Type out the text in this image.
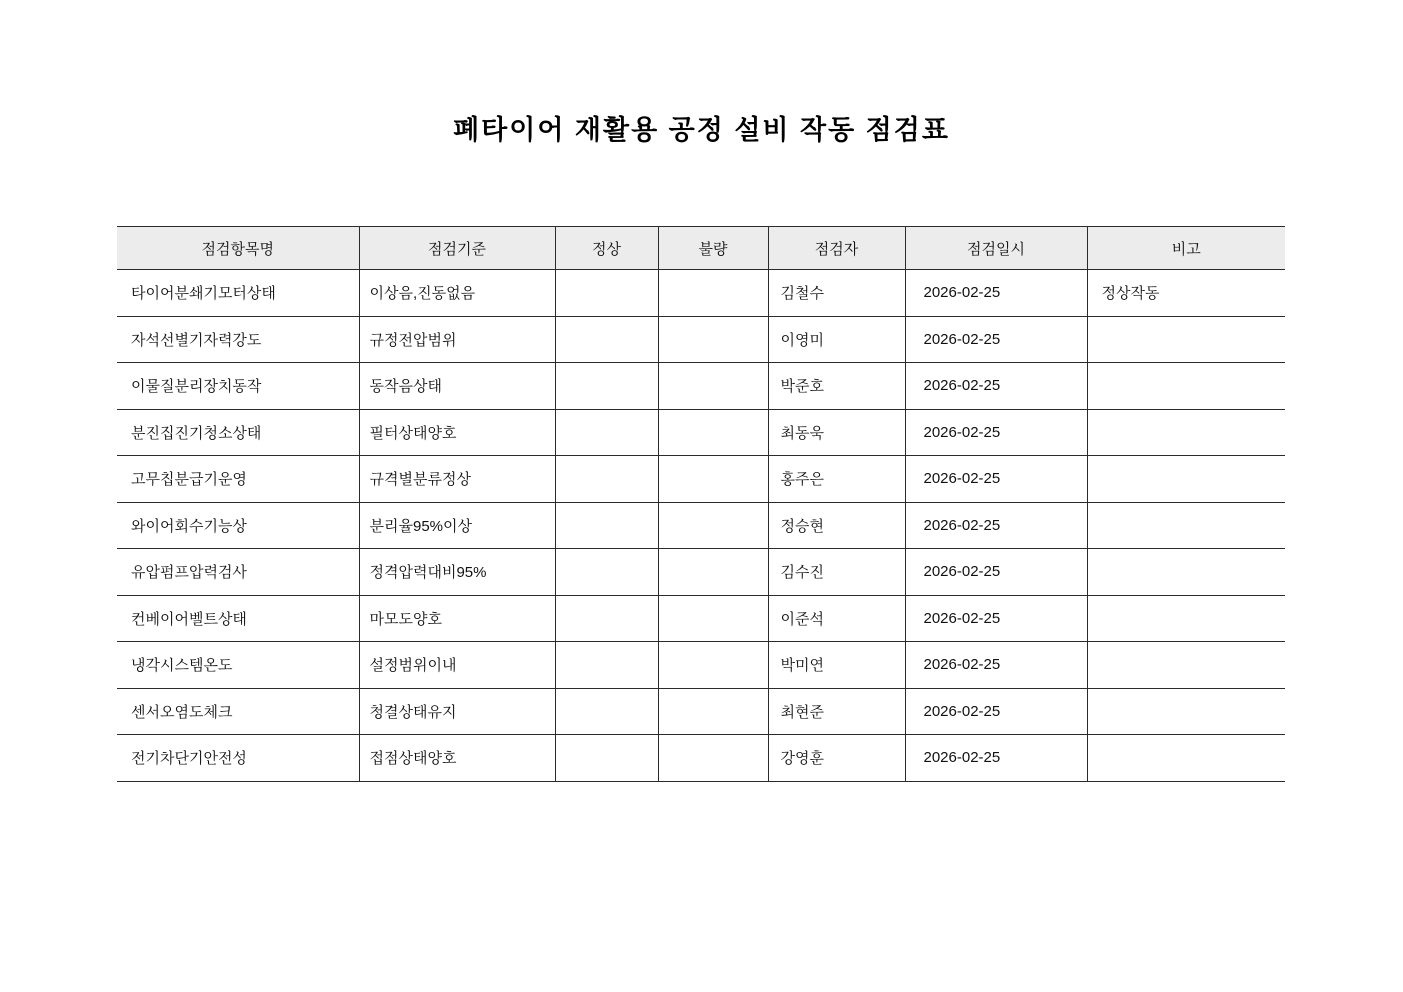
폐타이어 재활용 공정 설비 작동 점검표
점검항목명	점검기준	정상	불량	점검자	점검일시	비고
타이어분쇄기모터상태	이상음,진동없음			김철수	2026-02-25	정상작동
자석선별기자력강도	규정전압범위			이영미	2026-02-25	
이물질분리장치동작	동작음상태			박준호	2026-02-25	
분진집진기청소상태	필터상태양호			최동욱	2026-02-25	
고무칩분급기운영	규격별분류정상			홍주은	2026-02-25	
와이어회수기능상	분리율95%이상			정승현	2026-02-25	
유압펌프압력검사	정격압력대비95%			김수진	2026-02-25	
컨베이어벨트상태	마모도양호			이준석	2026-02-25	
냉각시스템온도	설정범위이내			박미연	2026-02-25	
센서오염도체크	청결상태유지			최현준	2026-02-25	
전기차단기안전성	접점상태양호			강영훈	2026-02-25	
